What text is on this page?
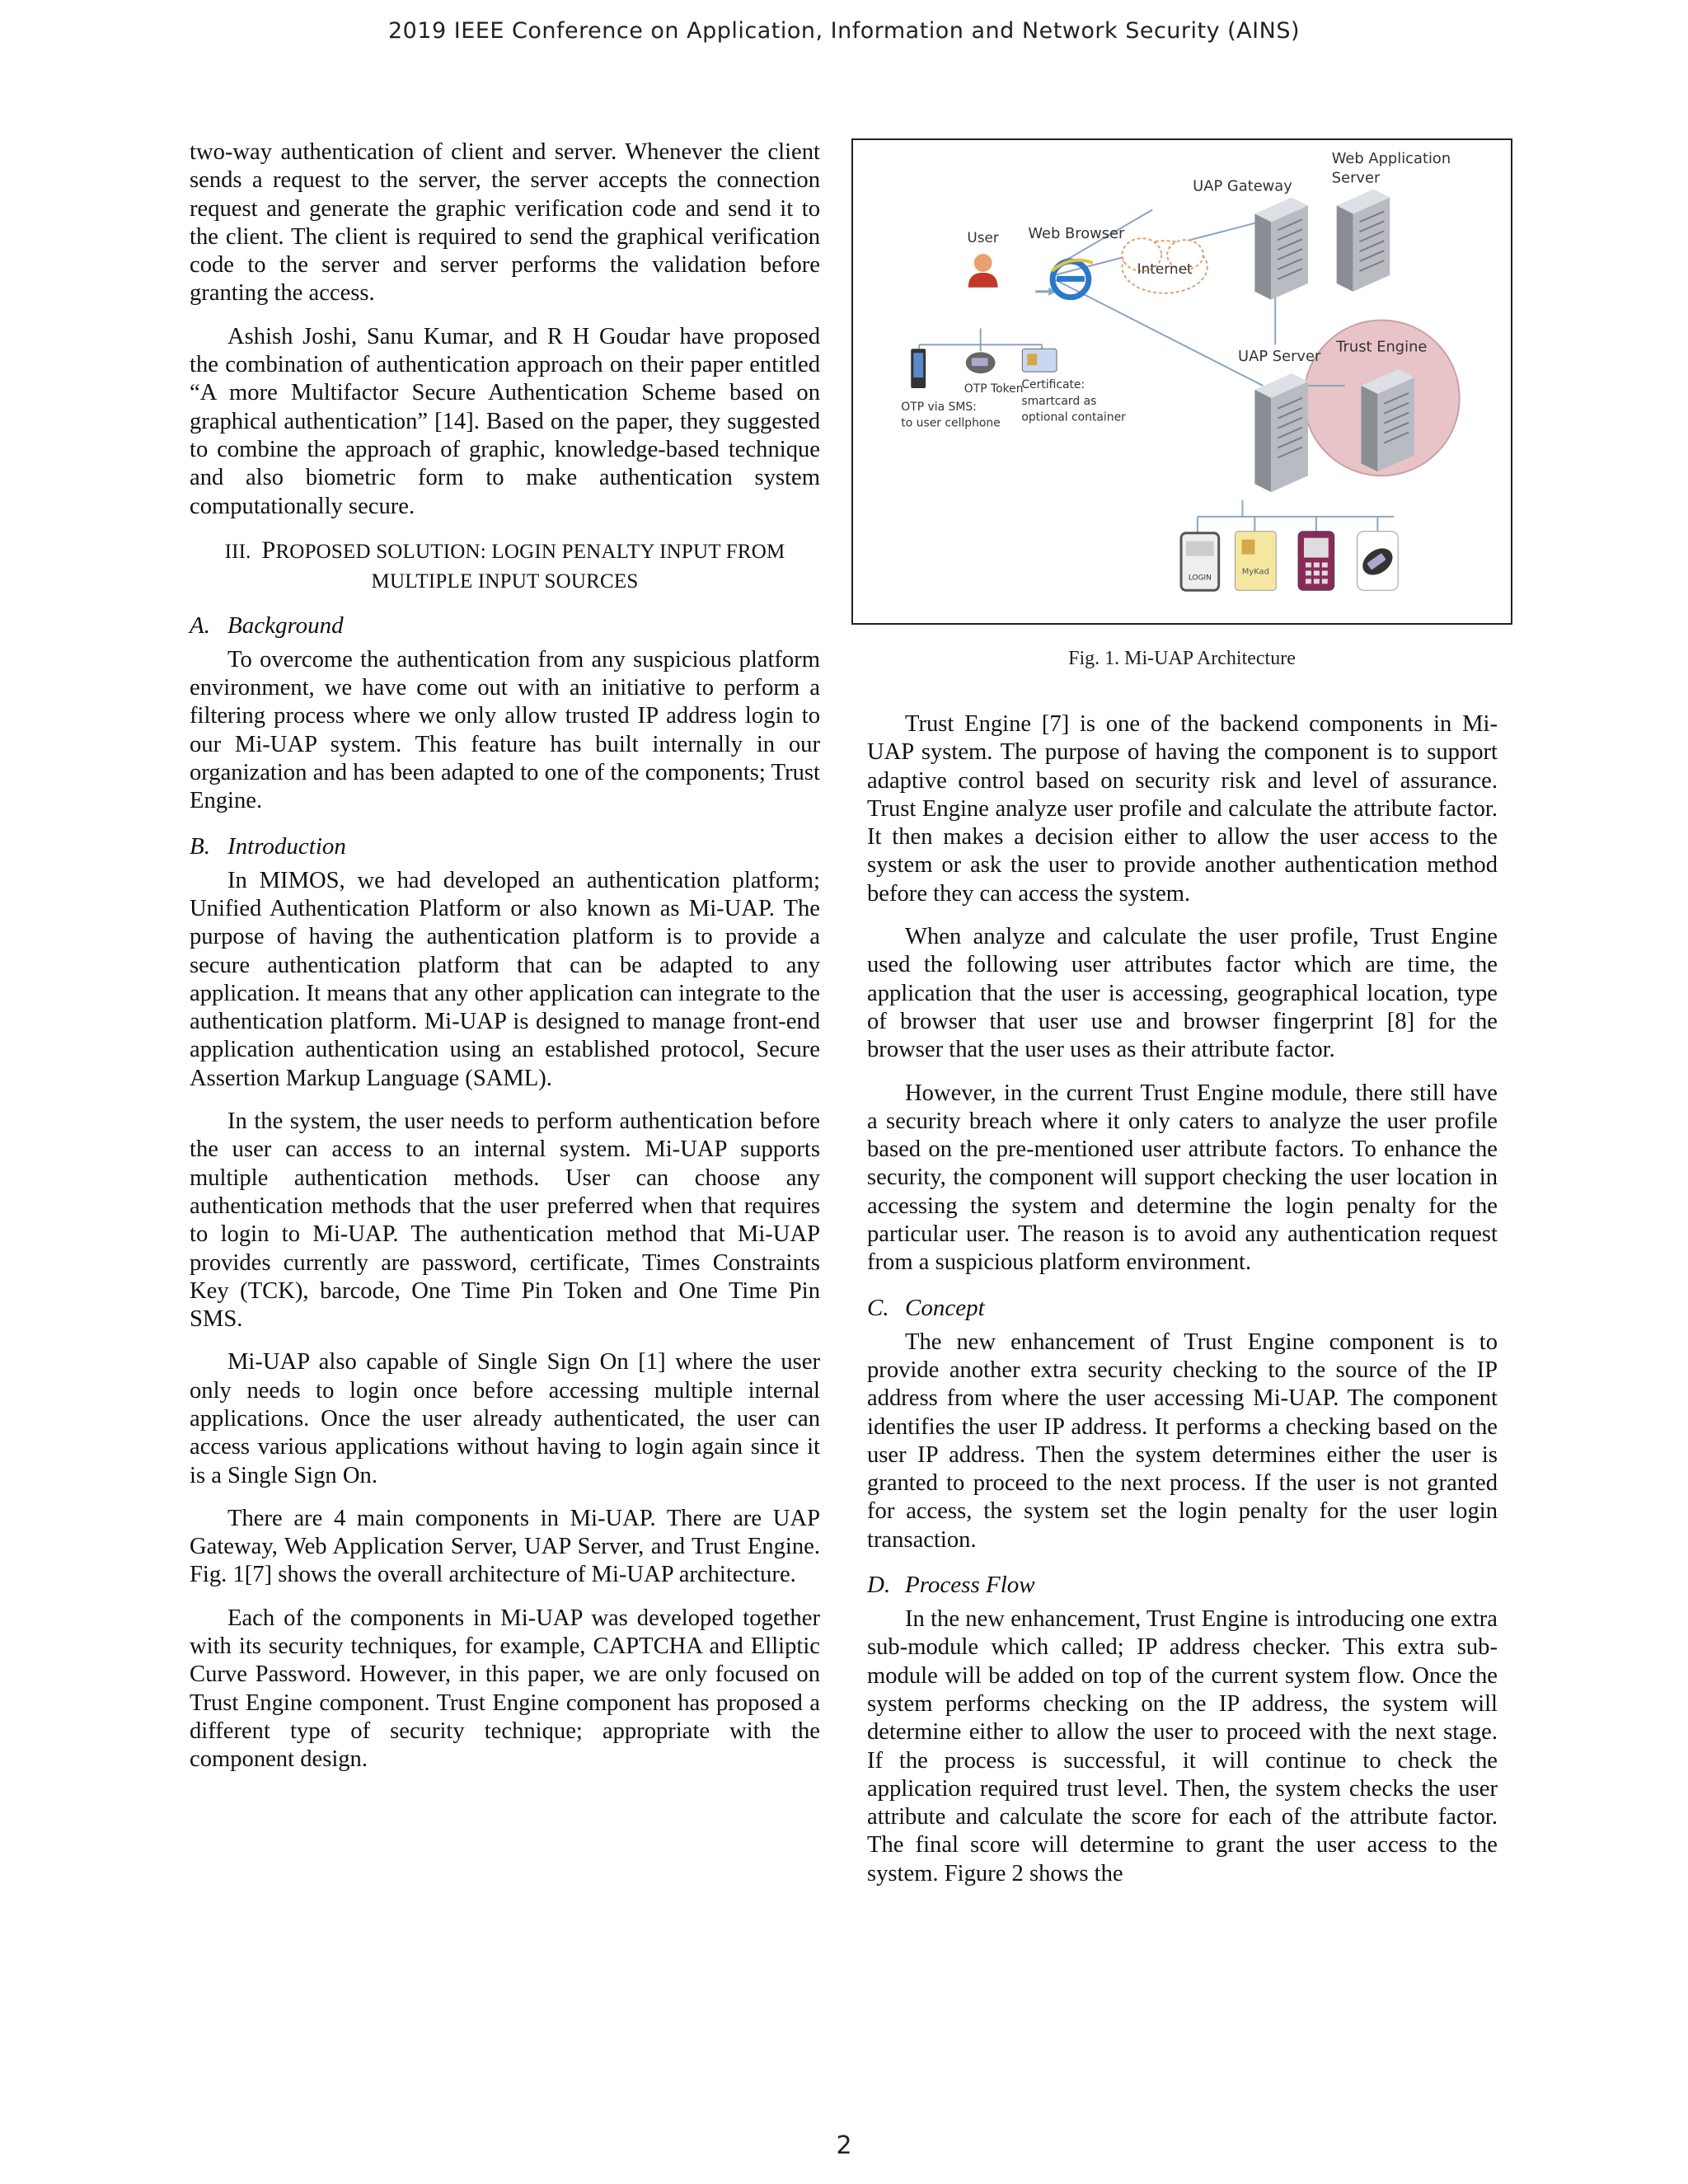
2019 IEEE Conference on Application, Information and Network Security (AINS)

two-way authentication of client and server. Whenever the client sends a request to the server, the server accepts the connection request and generate the graphic verification code and send it to the client. The client is required to send the graphical verification code to the server and server performs the validation before granting the access.

Ashish Joshi, Sanu Kumar, and R H Goudar have proposed the combination of authentication approach on their paper entitled “A more Multifactor Secure Authentication Scheme based on graphical authentication” [14]. Based on the paper, they suggested to combine the approach of graphic, knowledge-based technique and also biometric form to make authentication system computationally secure.

III. PROPOSED SOLUTION: LOGIN PENALTY INPUT FROM
MULTIPLE INPUT SOURCES
A. Background

To overcome the authentication from any suspicious platform environment, we have come out with an initiative to perform a filtering process where we only allow trusted IP address login to our Mi-UAP system. This feature has built internally in our organization and has been adapted to one of the components; Trust Engine.

B. Introduction

In MIMOS, we had developed an authentication platform; Unified Authentication Platform or also known as Mi-UAP. The purpose of having the authentication platform is to provide a secure authentication platform that can be adapted to any application. It means that any other application can integrate to the authentication platform. Mi-UAP is designed to manage front-end application authentication using an established protocol, Secure Assertion Markup Language (SAML).

In the system, the user needs to perform authentication before the user can access to an internal system. Mi-UAP supports multiple authentication methods. User can choose any authentication methods that the user preferred when that requires to login to Mi-UAP. The authentication method that Mi-UAP provides currently are password, certificate, Times Constraints Key (TCK), barcode, One Time Pin Token and One Time Pin SMS.

Mi-UAP also capable of Single Sign On [1] where the user only needs to login once before accessing multiple internal applications. Once the user already authenticated, the user can access various applications without having to login again since it is a Single Sign On.

There are 4 main components in Mi-UAP. There are UAP Gateway, Web Application Server, UAP Server, and Trust Engine. Fig. 1[7] shows the overall architecture of Mi-UAP architecture.

Each of the components in Mi-UAP was developed together with its security techniques, for example, CAPTCHA and Elliptic Curve Password. However, in this paper, we are only focused on Trust Engine component. Trust Engine component has proposed a different type of security technique; appropriate with the component design.

Internet
User Web Browser
UAP Gateway
Web Application
Server
UAP Server
Trust Engine
OTP via SMS:
to user cellphone
OTP Token
Certificate:
smartcard as
optional container
LOGIN
MyKad
Fig. 1. Mi-UAP Architecture

Trust Engine [7] is one of the backend components in Mi-UAP system. The purpose of having the component is to support adaptive control based on security risk and level of assurance. Trust Engine analyze user profile and calculate the attribute factor. It then makes a decision either to allow the user access to the system or ask the user to provide another authentication method before they can access the system.

When analyze and calculate the user profile, Trust Engine used the following user attributes factor which are time, the application that the user is accessing, geographical location, type of browser that user use and browser fingerprint [8] for the browser that the user uses as their attribute factor.

However, in the current Trust Engine module, there still have a security breach where it only caters to analyze the user profile based on the pre-mentioned user attribute factors. To enhance the security, the component will support checking the user location in accessing the system and determine the login penalty for the particular user. The reason is to avoid any authentication request from a suspicious platform environment.

C. Concept

The new enhancement of Trust Engine component is to provide another extra security checking to the source of the IP address from where the user accessing Mi-UAP. The component identifies the user IP address. It performs a checking based on the user IP address. Then the system determines either the user is granted to proceed to the next process. If the user is not granted for access, the system set the login penalty for the user login transaction.

D. Process Flow

In the new enhancement, Trust Engine is introducing one extra sub-module which called; IP address checker. This extra sub-module will be added on top of the current system flow. Once the system performs checking on the IP address, the system will determine either to allow the user to proceed with the next stage. If the process is successful, it will continue to check the application required trust level. Then, the system checks the user attribute and calculate the score for each of the attribute factor. The final score will determine to grant the user access to the system. Figure 2 shows the

2
